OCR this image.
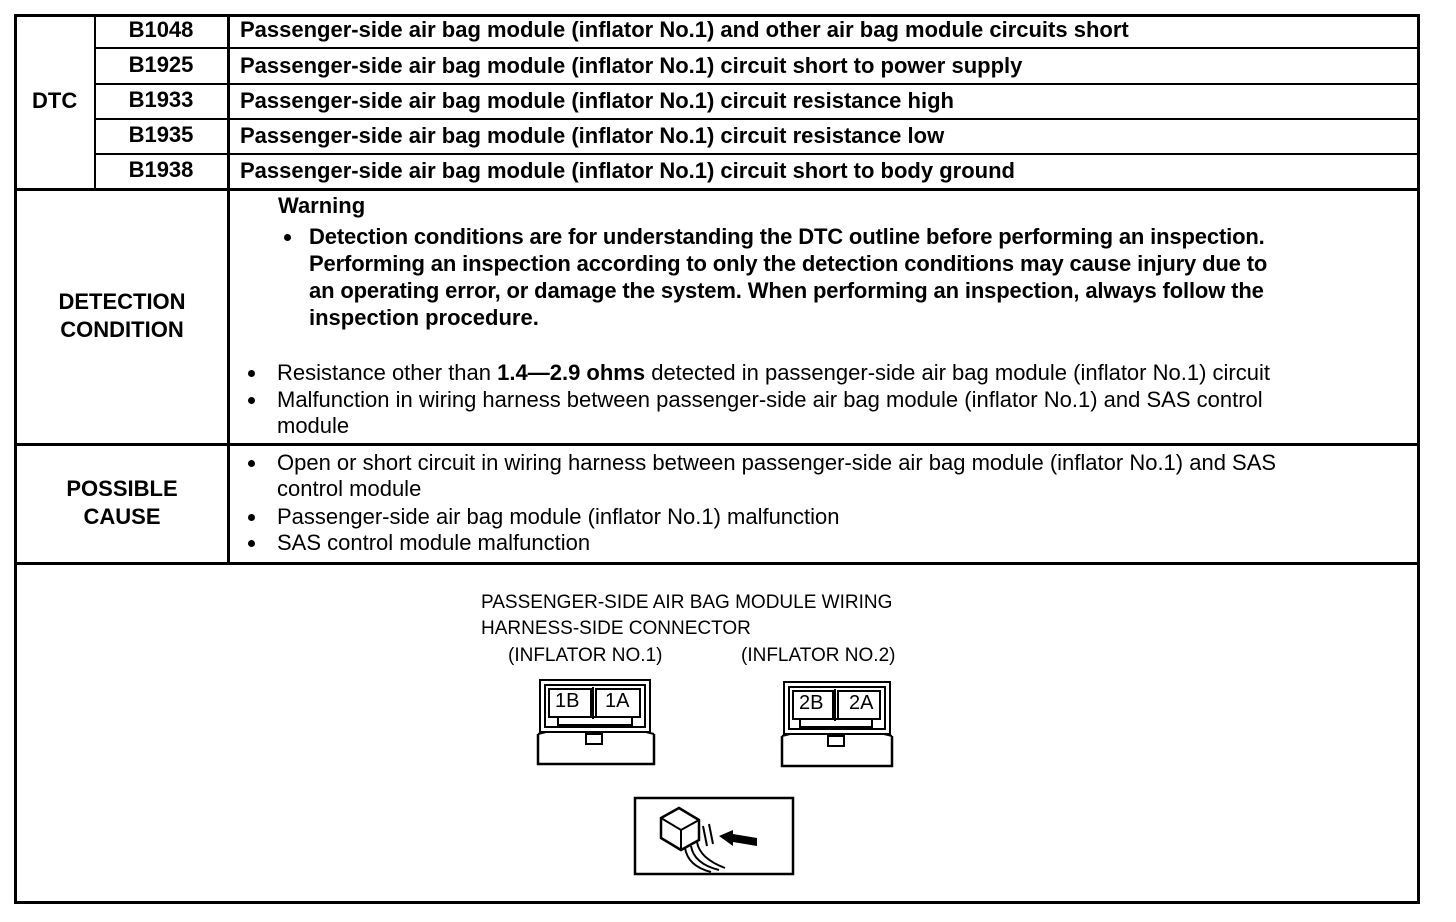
DTC
B1048	Passenger-side air bag module (inflator No.1) and other air bag module circuits short
B1925	Passenger-side air bag module (inflator No.1) circuit short to power supply
B1933	Passenger-side air bag module (inflator No.1) circuit resistance high
B1935	Passenger-side air bag module (inflator No.1) circuit resistance low
B1938	Passenger-side air bag module (inflator No.1) circuit short to body ground
DETECTION
CONDITION
Warning
Detection conditions are for understanding the DTC outline before performing an inspection.
Performing an inspection according to only the detection conditions may cause injury due to
an operating error, or damage the system. When performing an inspection, always follow the
inspection procedure.
Resistance other than 1.4—2.9 ohms detected in passenger-side air bag module (inflator No.1) circuit
Malfunction in wiring harness between passenger-side air bag module (inflator No.1) and SAS control
module
POSSIBLE
CAUSE
Open or short circuit in wiring harness between passenger-side air bag module (inflator No.1) and SAS
control module
Passenger-side air bag module (inflator No.1) malfunction
SAS control module malfunction
PASSENGER-SIDE AIR BAG MODULE WIRING
HARNESS-SIDE CONNECTOR
(INFLATOR NO.1)	(INFLATOR NO.2)
1B 1A	2B 2A
